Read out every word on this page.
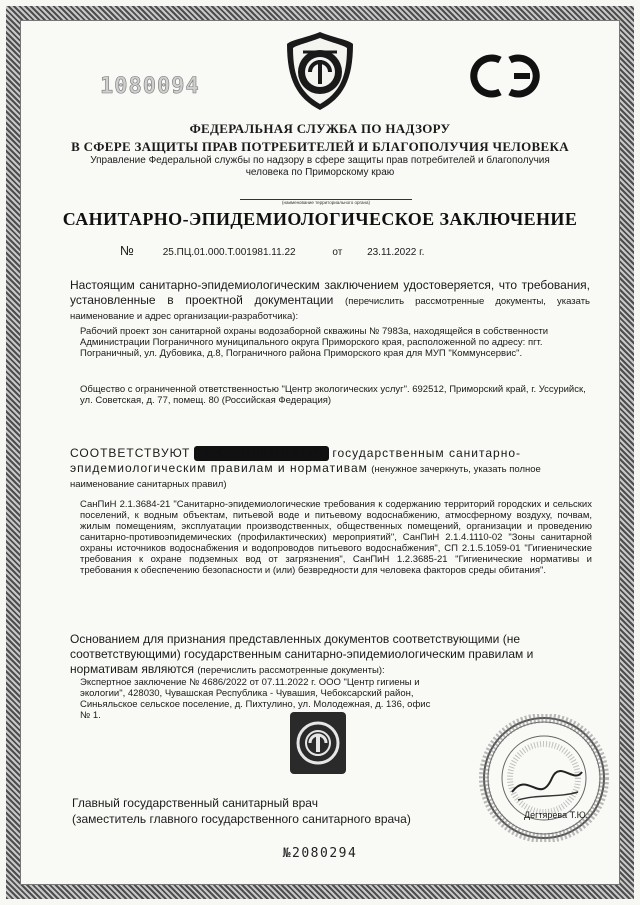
1080094
ФЕДЕРАЛЬНАЯ СЛУЖБА ПО НАДЗОРУ
В СФЕРЕ ЗАЩИТЫ ПРАВ ПОТРЕБИТЕЛЕЙ И БЛАГОПОЛУЧИЯ ЧЕЛОВЕКА
Управление Федеральной службы по надзору в сфере защиты прав потребителей и благополучия
человека по Приморскому краю
(наименование территориального органа)
САНИТАРНО-ЭПИДЕМИОЛОГИЧЕСКОЕ ЗАКЛЮЧЕНИЕ
№	25.ПЦ.01.000.Т.001981.11.22	от 23.11.2022 г.
Настоящим санитарно-эпидемиологическим заключением удостоверяется, что требования, установленные в проектной документации (перечислить рассмотренные документы, указать наименование и адрес организации-разработчика):
Рабочий проект зон санитарной охраны водозаборной скважины № 7983а, находящейся в собственности Администрации Пограничного муниципального округа Приморского края, расположенной по адресу: пгт. Пограничный, ул. Дубовика, д.8, Пограничного района Приморского края для МУП "Коммунсервис".
Общество с ограниченной ответственностью "Центр экологических услуг". 692512, Приморский край, г. Уссурийск, ул. Советская, д. 77, помещ. 80 (Российская Федерация)
СООТВЕТСТВУЮТ (НЕ СООТВЕТСТВУЮТ) государственным санитарно-эпидемиологическим правилам и нормативам (ненужное зачеркнуть, указать полное наименование санитарных правил)
СанПиН 2.1.3684-21 "Санитарно-эпидемиологические требования к содержанию территорий городских и сельских поселений, к водным объектам, питьевой воде и питьевому водоснабжению, атмосферному воздуху, почвам, жилым помещениям, эксплуатации производственных, общественных помещений, организации и проведению санитарно-противоэпидемических (профилактических) мероприятий", СанПиН 2.1.4.1110-02 "Зоны санитарной охраны источников водоснабжения и водопроводов питьевого водоснабжения", СП 2.1.5.1059-01 "Гигиенические требования к охране подземных вод от загрязнения", СанПиН 1.2.3685-21 "Гигиенические нормативы и требования к обеспечению безопасности и (или) безвредности для человека факторов среды обитания".
Основанием для признания представленных документов соответствующими (не соответствующими) государственным санитарно-эпидемиологическим правилам и нормативам являются (перечислить рассмотренные документы):
Экспертное заключение № 4686/2022 от 07.11.2022 г. ООО "Центр гигиены и экологии", 428030, Чувашская Республика - Чувашия, Чебоксарский район, Синьяльское сельское поселение, д. Пихтулино, ул. Молодежная, д. 136, офис № 1.
Главный государственный санитарный врач
(заместитель главного государственного санитарного врача)	Дегтярева Т.Ю.
№2080294
